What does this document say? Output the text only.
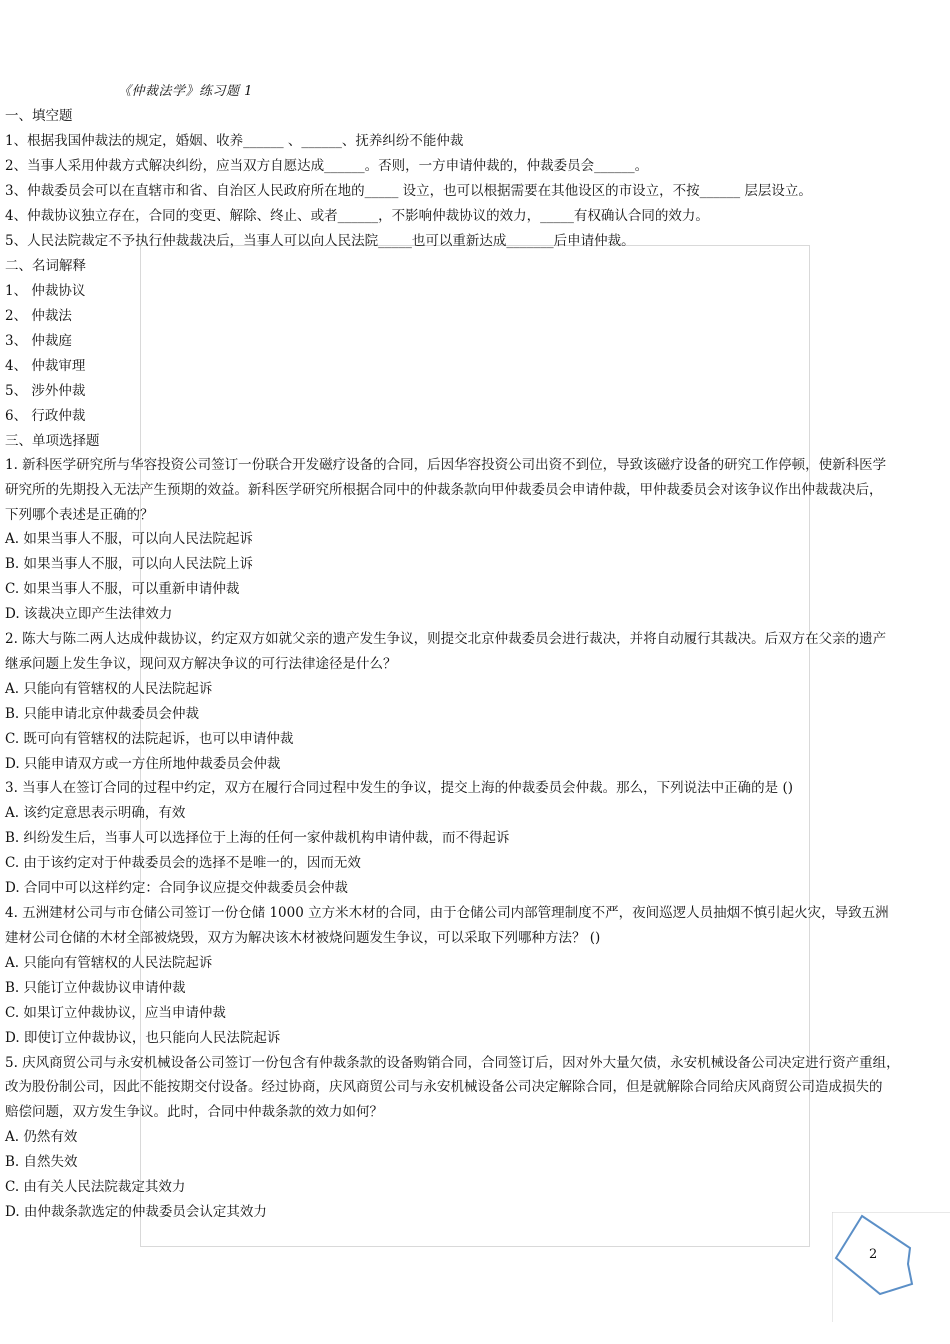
《仲裁法学》练习题 1
一、填空题
1、根据我国仲裁法的规定，婚姻、收养______ 、______、抚养纠纷不能仲裁
2、当事人采用仲裁方式解决纠纷，应当双方自愿达成______。否则，一方申请仲裁的，仲裁委员会______。
3、仲裁委员会可以在直辖市和省、自治区人民政府所在地的_____ 设立，也可以根据需要在其他设区的市设立，不按______ 层层设立。
4、仲裁协议独立存在，合同的变更、解除、终止、或者______，不影响仲裁协议的效力，_____有权确认合同的效力。
5、人民法院裁定不予执行仲裁裁决后，当事人可以向人民法院_____也可以重新达成_______后申请仲裁。
二、名词解释
1、 仲裁协议
2、 仲裁法
3、 仲裁庭
4、 仲裁审理
5、 涉外仲裁
6、 行政仲裁
三、单项选择题
1. 新科医学研究所与华容投资公司签订一份联合开发磁疗设备的合同，后因华容投资公司出资不到位，导致该磁疗设备的研究工作停顿，使新科医学
研究所的先期投入无法产生预期的效益。新科医学研究所根据合同中的仲裁条款向甲仲裁委员会申请仲裁，甲仲裁委员会对该争议作出仲裁裁决后，
下列哪个表述是正确的？
A. 如果当事人不服，可以向人民法院起诉
B. 如果当事人不服，可以向人民法院上诉
C. 如果当事人不服，可以重新申请仲裁
D. 该裁决立即产生法律效力
2. 陈大与陈二两人达成仲裁协议，约定双方如就父亲的遗产发生争议，则提交北京仲裁委员会进行裁决，并将自动履行其裁决。后双方在父亲的遗产
继承问题上发生争议，现问双方解决争议的可行法律途径是什么？
A. 只能向有管辖权的人民法院起诉
B. 只能申请北京仲裁委员会仲裁
C. 既可向有管辖权的法院起诉，也可以申请仲裁
D. 只能申请双方或一方住所地仲裁委员会仲裁
3. 当事人在签订合同的过程中约定，双方在履行合同过程中发生的争议，提交上海的仲裁委员会仲裁。那么，下列说法中正确的是 ()
A. 该约定意思表示明确，有效
B. 纠纷发生后，当事人可以选择位于上海的任何一家仲裁机构申请仲裁，而不得起诉
C. 由于该约定对于仲裁委员会的选择不是唯一的，因而无效
D. 合同中可以这样约定：合同争议应提交仲裁委员会仲裁
4. 五洲建材公司与市仓储公司签订一份仓储 1000 立方米木材的合同，由于仓储公司内部管理制度不严，夜间巡逻人员抽烟不慎引起火灾，导致五洲
建材公司仓储的木材全部被烧毁，双方为解决该木材被烧问题发生争议，可以采取下列哪种方法？ ()
A. 只能向有管辖权的人民法院起诉
B. 只能订立仲裁协议申请仲裁
C. 如果订立仲裁协议，应当申请仲裁
D. 即使订立仲裁协议，也只能向人民法院起诉
5. 庆风商贸公司与永安机械设备公司签订一份包含有仲裁条款的设备购销合同，合同签订后，因对外大量欠债，永安机械设备公司决定进行资产重组，
改为股份制公司，因此不能按期交付设备。经过协商，庆风商贸公司与永安机械设备公司决定解除合同，但是就解除合同给庆风商贸公司造成损失的
赔偿问题，双方发生争议。此时，合同中仲裁条款的效力如何？
A. 仍然有效
B. 自然失效
C. 由有关人民法院裁定其效力
D. 由仲裁条款选定的仲裁委员会认定其效力
2
